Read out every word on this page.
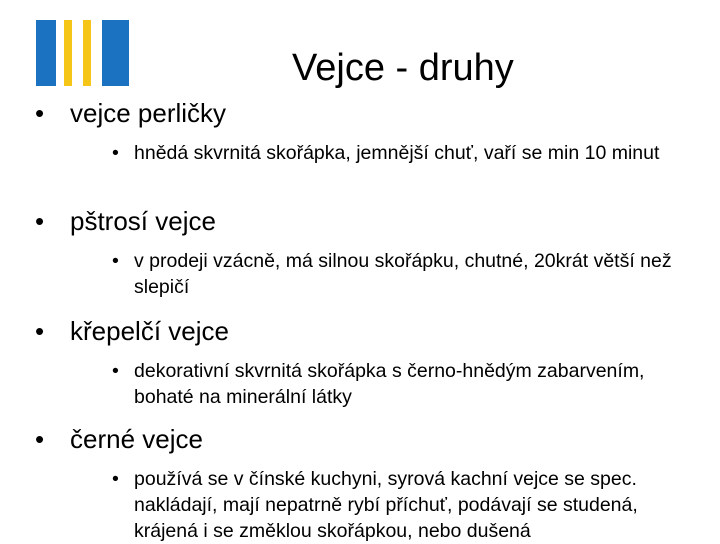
Vejce - druhy
• vejce perličky
• hnědá skvrnitá skořápka, jemnější chuť, vaří se min 10 minut
• pštrosí vejce
• v prodeji vzácně, má silnou skořápku, chutné, 20krát větší než slepičí
• křepelčí vejce
• dekorativní skvrnitá skořápka s černo-hnědým zabarvením, bohaté na minerální látky
• černé vejce
• používá se v čínské kuchyni, syrová kachní vejce se spec. nakládají, mají nepatrně rybí příchuť, podávají se studená, krájená i se změklou skořápkou, nebo dušená
